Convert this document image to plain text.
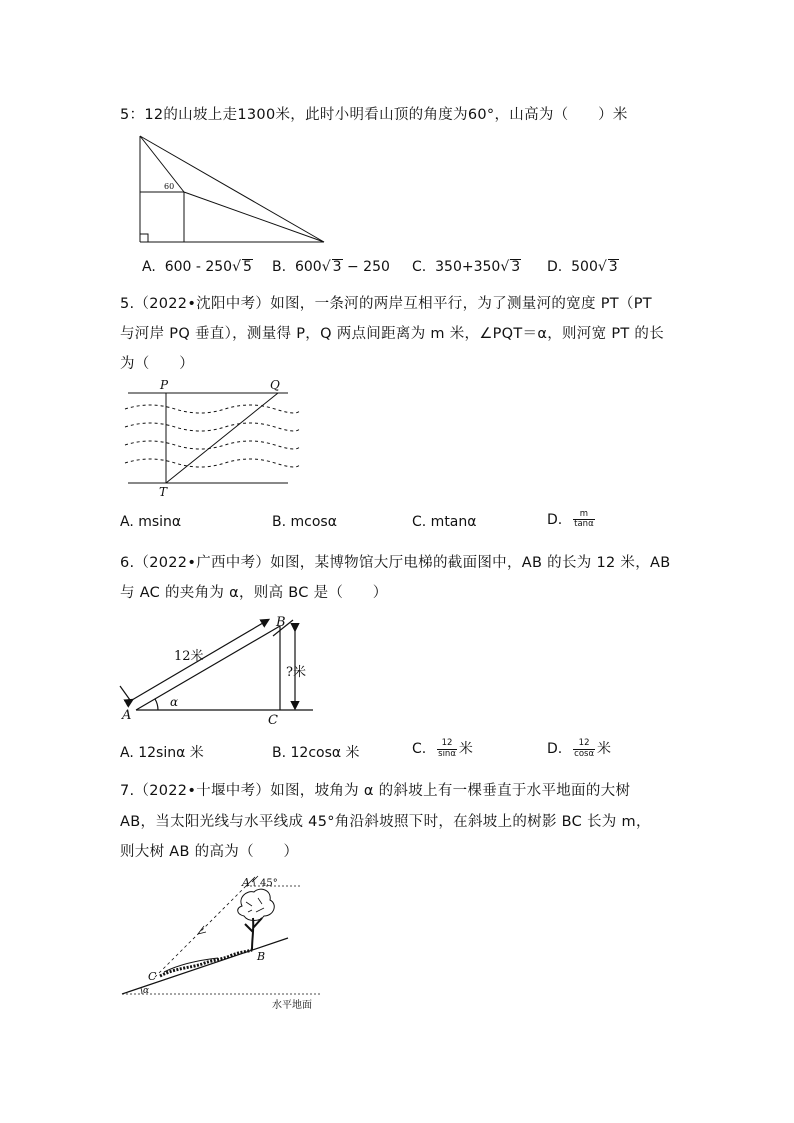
5：12的山坡上走1300米，此时小明看山顶的角度为60°，山高为（　　）米
60
A. 600 - 250√ 5 B. 600√ 3 − 250 C. 350+350√ 3 D. 500√ 3
5.（2022•沈阳中考）如图，一条河的两岸互相平行，为了测量河的宽度 PT（PT
与河岸 PQ 垂直），测量得 P，Q 两点间距离为 m 米，∠PQT＝α，则河宽 PT 的长
为（　　）
P	Q
T
A. msinα	B. mcosα	C. mtanα	D. $\frac{m}{\tan\alpha}$
6.（2022•广西中考）如图，某博物馆大厅电梯的截面图中，AB 的长为 12 米，AB
与 AC 的夹角为 α，则高 BC 是（　　）
A
B
C
α
12米
?米
A. 12sinα 米	B. 12cosα 米	C. $\frac{12}{\sin\alpha}$ 米	D. $\frac{12}{\cos\alpha}$ 米
7.（2022•十堰中考）如图，坡角为 α 的斜坡上有一棵垂直于水平地面的大树
AB，当太阳光线与水平线成 45°角沿斜坡照下时，在斜坡上的树影 BC 长为 m，
则大树 AB 的高为（　　）
A
B
C
45°
α
水平地面
